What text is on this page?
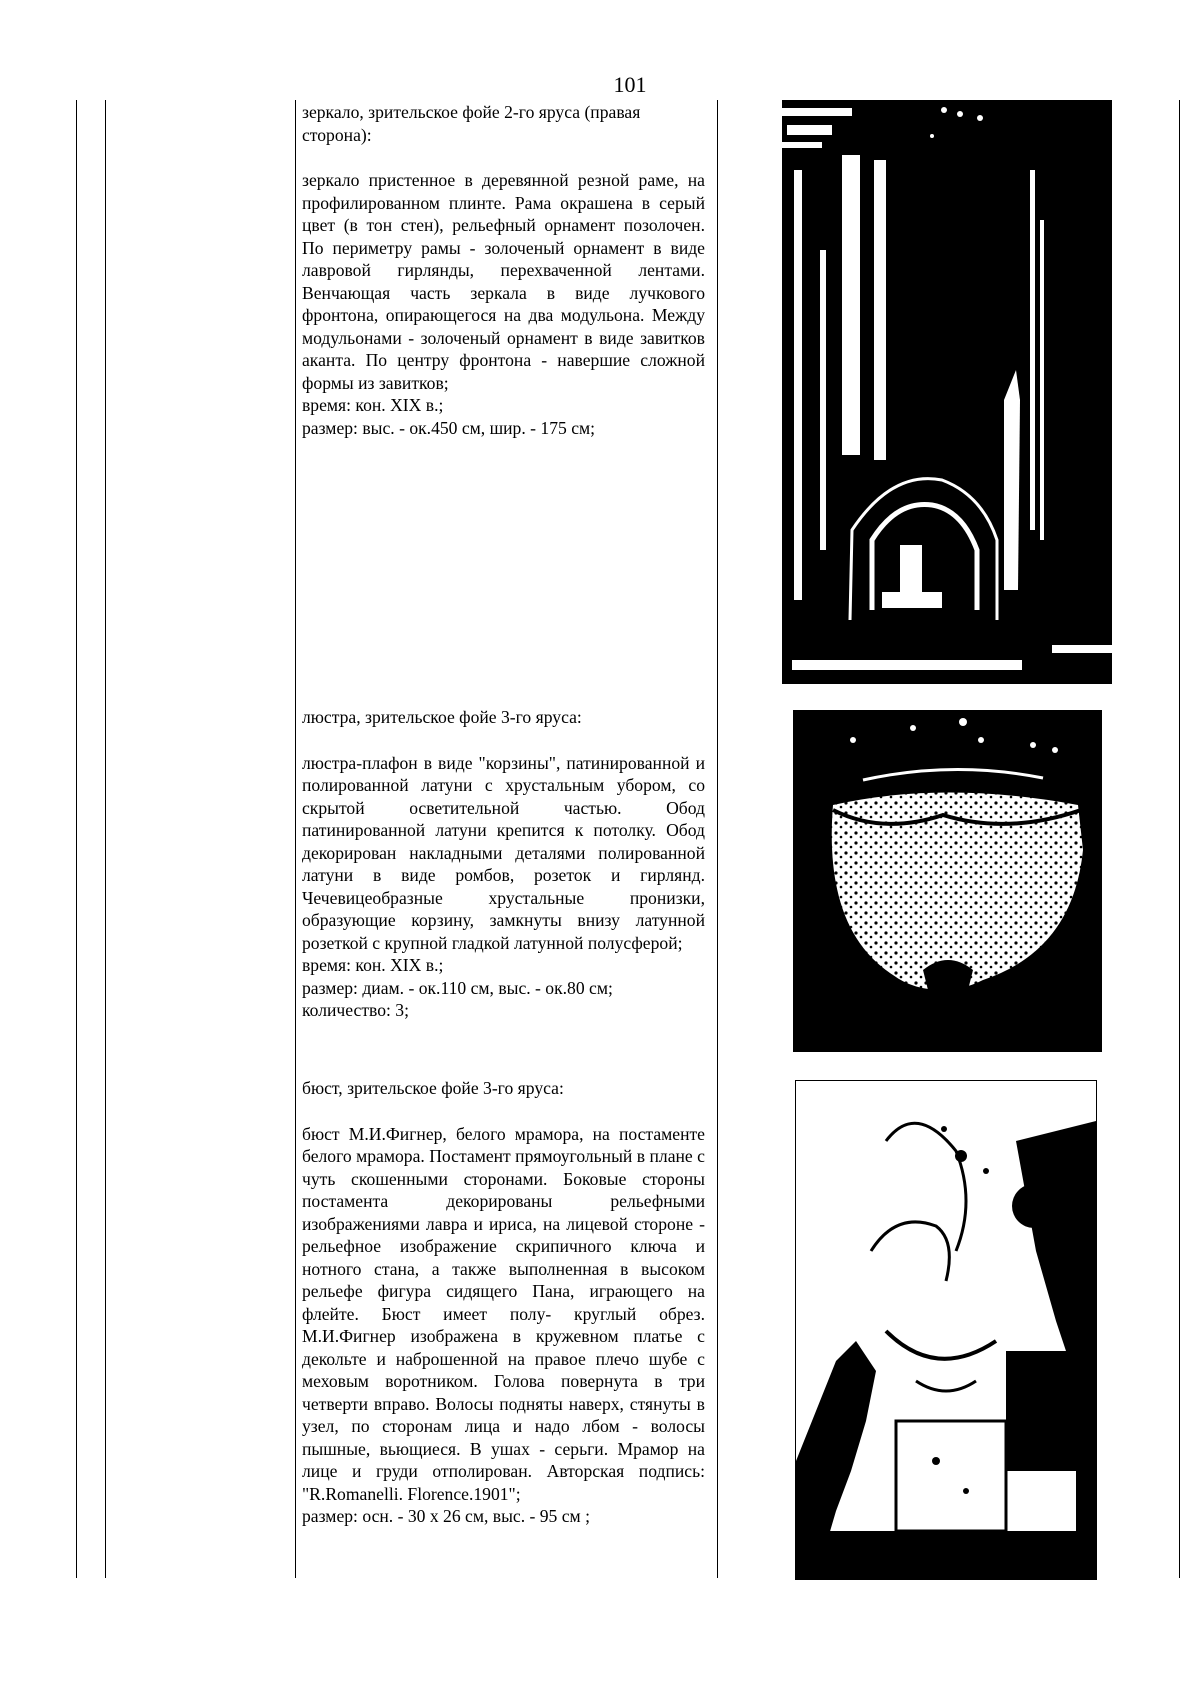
101

зеркало, зрительское фойе 2-го яруса (правая сторона):

зеркало пристенное в деревянной резной раме, на профилированном плинте. Рама окрашена в серый цвет (в тон стен), рельефный орнамент позолочен. По периметру рамы - золоченый орнамент в виде лавровой гирлянды, перехваченной лентами. Венчающая часть зеркала в виде лучкового фронтона, опирающегося на два модульона. Между модульонами - золоченый орнамент в виде завитков аканта. По центру фронтона - навершие сложной формы из завитков;

время: кон. XIX в.;

размер: выс. - ок.450 см, шир. - 175 см;

люстра, зрительское фойе 3-го яруса:

люстра-плафон в виде "корзины", патинированной и полированной латуни с хрустальным убором, со скрытой осветительной частью. Обод патинированной латуни крепится к потолку. Обод декорирован накладными деталями полированной латуни в виде ромбов, розеток и гирлянд. Чечевицеобразные хрустальные пронизки, образующие корзину, замкнуты внизу латунной розеткой с крупной гладкой латунной полусферой;

время: кон. XIX в.;

размер: диам. - ок.110 см, выс. - ок.80 см;

количество: 3;

бюст, зрительское фойе 3-го яруса:

бюст М.И.Фигнер, белого мрамора, на постаменте белого мрамора. Постамент прямоугольный в плане с чуть скошенными сторонами. Боковые стороны постамента декорированы рельефными изображениями лавра и ириса, на лицевой стороне - рельефное изображение скрипичного ключа и нотного стана, а также выполненная в высоком рельефе фигура сидящего Пана, играющего на флейте. Бюст имеет полу- круглый обрез. М.И.Фигнер изображена в кружевном платье с декольте и наброшенной на правое плечо шубе с меховым воротником. Голова повернута в три четверти вправо. Волосы подняты наверх, стянуты в узел, по сторонам лица и надо лбом - волосы пышные, вьющиеся. В ушах - серьги. Мрамор на лице и груди отполирован. Авторская подпись: "R.Romanelli. Florence.1901";

размер: осн. - 30 х 26 см, выс. - 95 см ;
